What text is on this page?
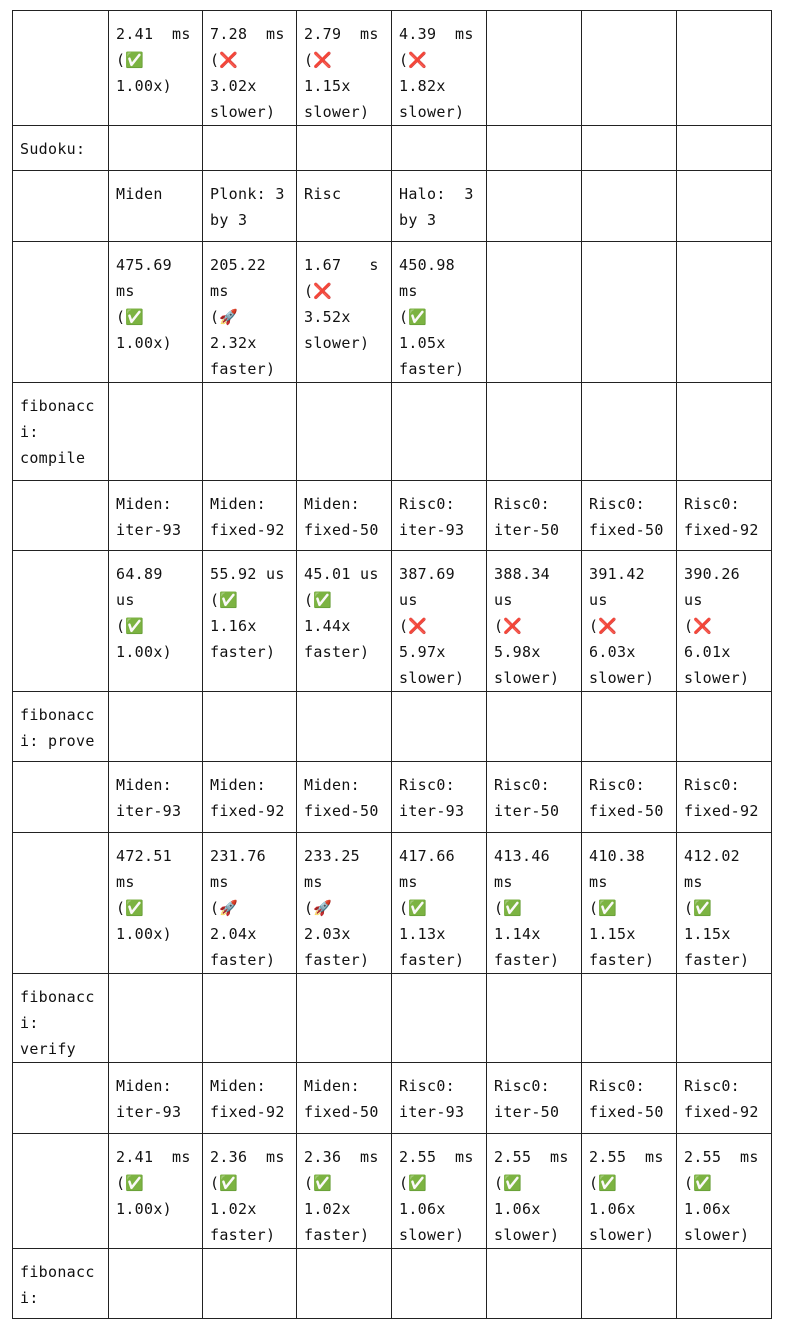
	2.41  ms
(✅
1.00x)	7.28  ms
(❌ 3.02x
slower)	2.79  ms
(❌ 1.15x
slower)	4.39  ms
(❌ 1.82x
slower)			
Sudoku:							
	Miden	Plonk: 3
by 3	Risc	Halo:  3
by 3			
	475.69 ms
(✅
1.00x)	205.22 ms
(🚀 2.32x
faster)	1.67   s
(❌ 3.52x
slower)	450.98 ms
(✅ 1.05x
faster)			
fibonacc
i:
compile							
	Miden:
iter-93	Miden:
fixed-92	Miden:
fixed-50	Risc0:
iter-93	Risc0:
iter-50	Risc0:
fixed-50	Risc0:
fixed-92
	64.89  us
(✅
1.00x)	55.92 us
(✅ 1.16x
faster)	45.01 us
(✅ 1.44x
faster)	387.69 us
(❌ 5.97x
slower)	388.34 us
(❌ 5.98x
slower)	391.42 us
(❌ 6.03x
slower)	390.26 us
(❌ 6.01x
slower)
fibonacc
i: prove							
	Miden:
iter-93	Miden:
fixed-92	Miden:
fixed-50	Risc0:
iter-93	Risc0:
iter-50	Risc0:
fixed-50	Risc0:
fixed-92
	472.51 ms
(✅
1.00x)	231.76 ms
(🚀 2.04x
faster)	233.25 ms
(🚀 2.03x
faster)	417.66 ms
(✅ 1.13x
faster)	413.46 ms
(✅ 1.14x
faster)	410.38 ms
(✅ 1.15x
faster)	412.02 ms
(✅ 1.15x
faster)
fibonacc
i: verify							
	Miden:
iter-93	Miden:
fixed-92	Miden:
fixed-50	Risc0:
iter-93	Risc0:
iter-50	Risc0:
fixed-50	Risc0:
fixed-92
	2.41  ms
(✅
1.00x)	2.36  ms
(✅ 1.02x
faster)	2.36  ms
(✅ 1.02x
faster)	2.55  ms
(✅ 1.06x
slower)	2.55  ms
(✅ 1.06x
slower)	2.55  ms
(✅ 1.06x
slower)	2.55  ms
(✅ 1.06x
slower)
fibonacc
i:							
